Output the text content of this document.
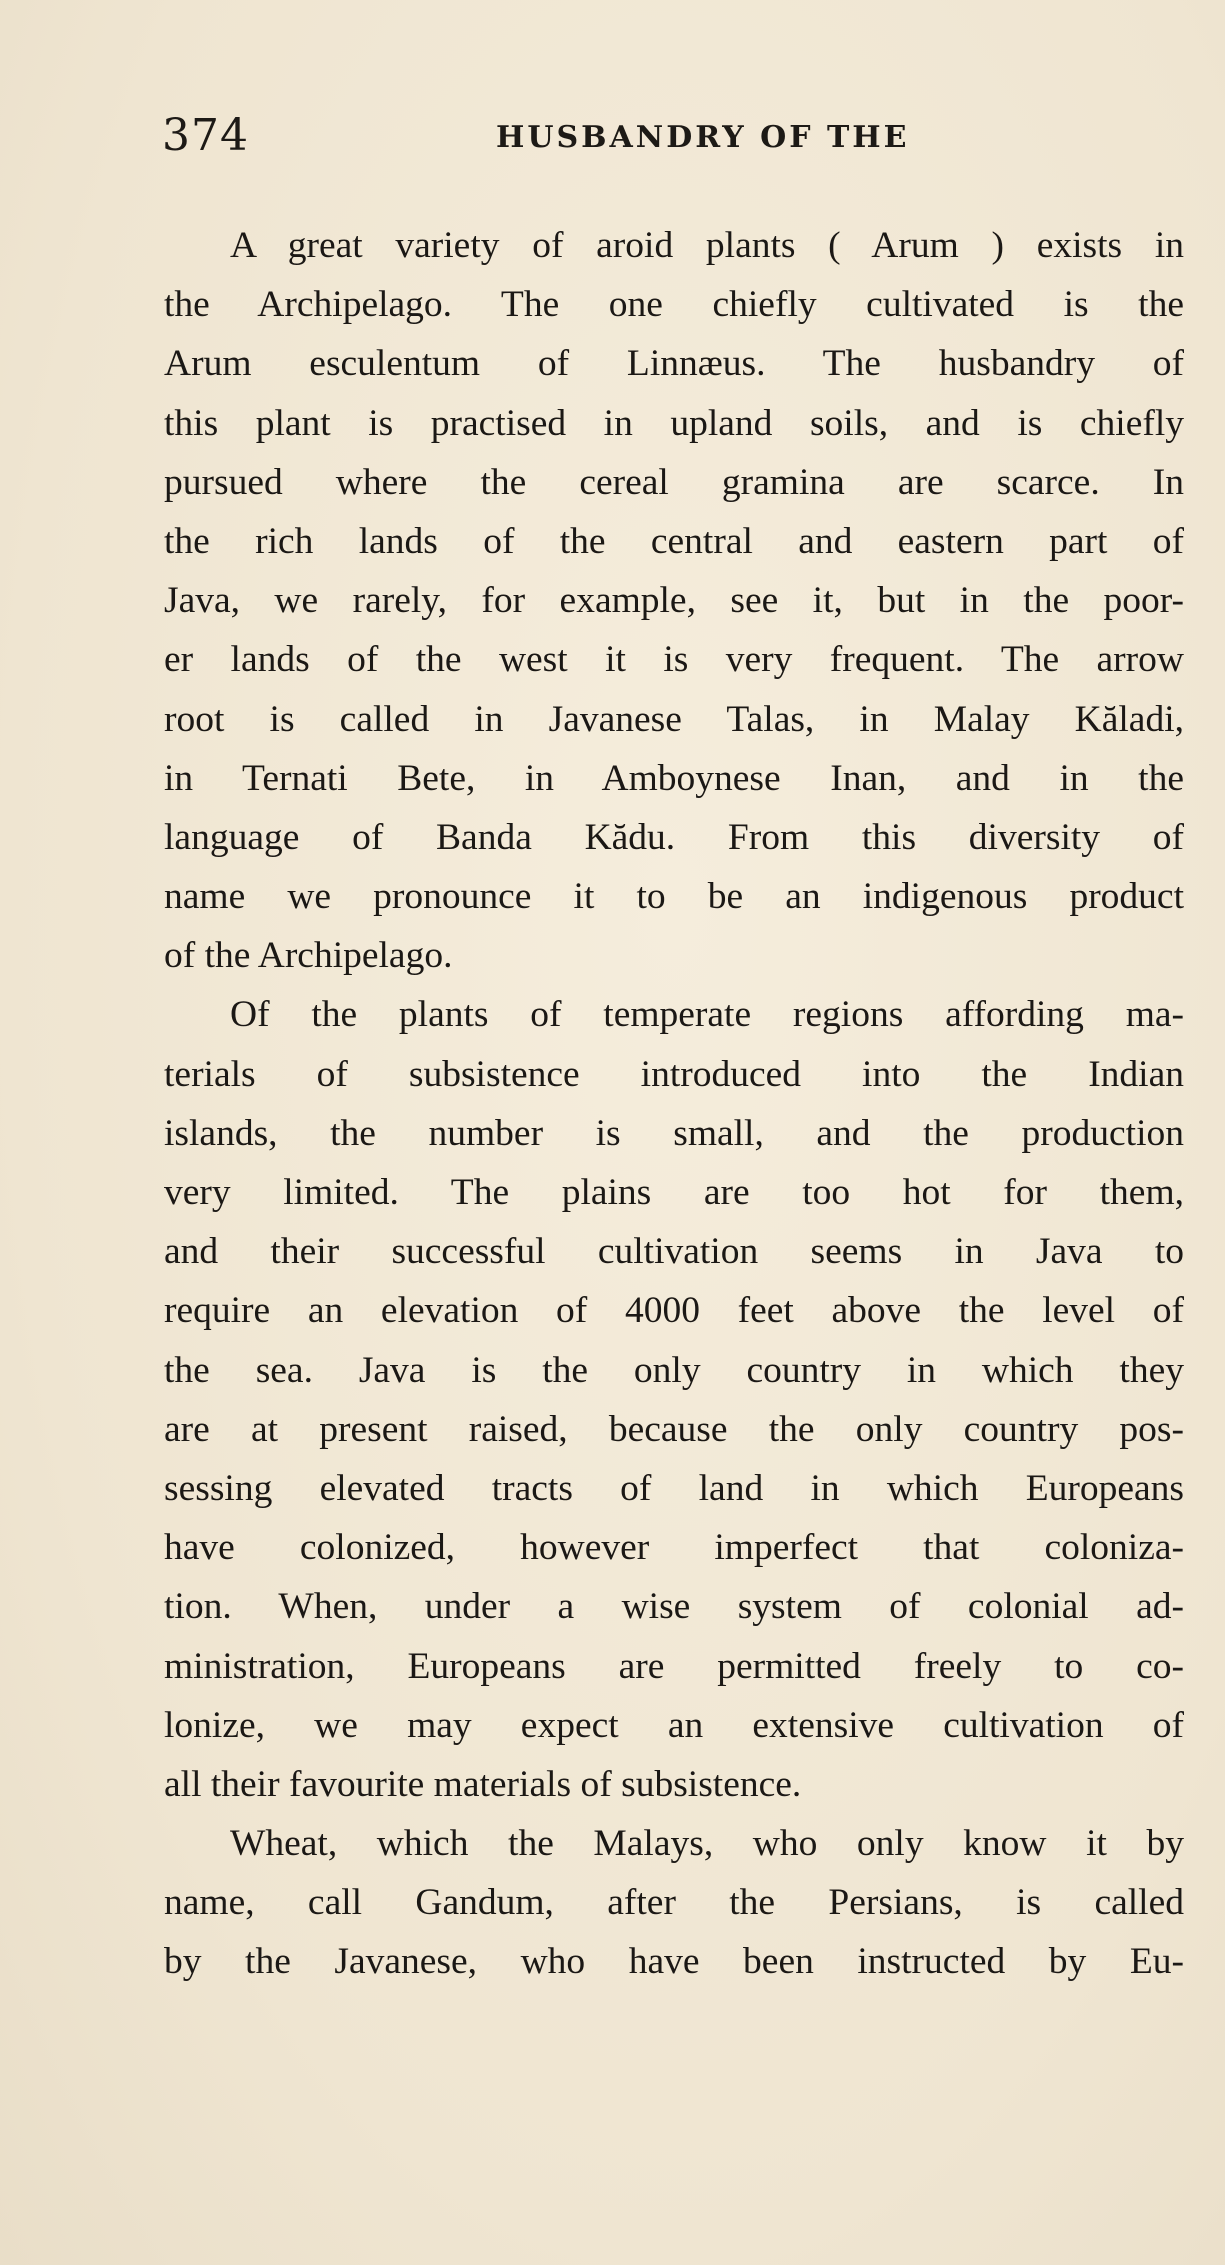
374	HUSBANDRY OF THE
A great variety of aroid plants ( Arum ) exists in
the Archipelago. The one chiefly cultivated is the
Arum esculentum of Linnæus. The husbandry of
this plant is practised in upland soils, and is chiefly
pursued where the cereal gramina are scarce. In
the rich lands of the central and eastern part of
Java, we rarely, for example, see it, but in the poor-
er lands of the west it is very frequent. The arrow
root is called in Javanese Talas, in Malay Kăladi,
in Ternati Bete, in Amboynese Inan, and in the
language of Banda Kădu. From this diversity of
name we pronounce it to be an indigenous product
of the Archipelago.
Of the plants of temperate regions affording ma-
terials of subsistence introduced into the Indian
islands, the number is small, and the production
very limited. The plains are too hot for them,
and their successful cultivation seems in Java to
require an elevation of 4000 feet above the level of
the sea. Java is the only country in which they
are at present raised, because the only country pos-
sessing elevated tracts of land in which Europeans
have colonized, however imperfect that coloniza-
tion. When, under a wise system of colonial ad-
ministration, Europeans are permitted freely to co-
lonize, we may expect an extensive cultivation of
all their favourite materials of subsistence.
Wheat, which the Malays, who only know it by
name, call Gandum, after the Persians, is called
by the Javanese, who have been instructed by Eu-
